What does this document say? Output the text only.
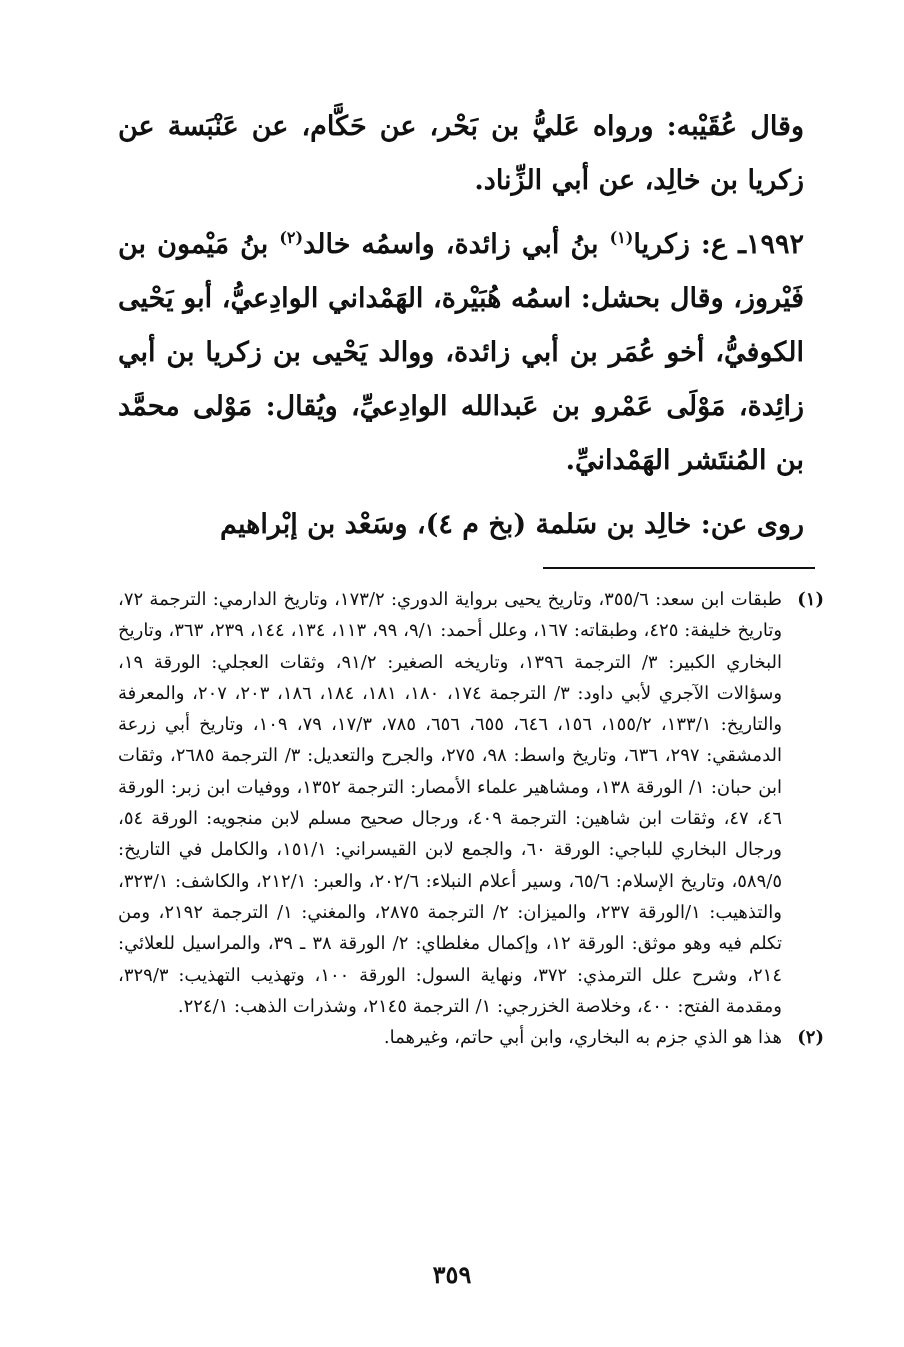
وقال عُقَيْبه: ورواه عَليُّ بن بَحْر، عن حَكَّام، عن عَنْبَسة عن زكريا بن خالِد، عن أبي الزِّناد.

١٩٩٢ـ ع: زكريا$^{(١)}$ بنُ أبي زائدة، واسمُه خالد$^{(٢)}$ بنُ مَيْمون بن فَيْروز، وقال بحشل: اسمُه هُبَيْرة، الهَمْداني الوادِعيُّ، أبو يَحْيى الكوفيُّ، أخو عُمَر بن أبي زائدة، ووالد يَحْيى بن زكريا بن أبي زائِدة، مَوْلَى عَمْرو بن عَبدالله الوادِعيِّ، ويُقال: مَوْلى محمَّد بن المُنتَشر الهَمْدانيِّ.

روى عن: خالِد بن سَلمة (بخ م ٤)، وسَعْد بن إبْراهيم

(١)
طبقات ابن سعد: ٣٥٥/٦، وتاريخ يحيى برواية الدوري: ١٧٣/٢، وتاريخ الدارمي: الترجمة ٧٢، وتاريخ خليفة: ٤٢٥، وطبقاته: ١٦٧، وعلل أحمد: ٩/١، ٩٩، ١١٣، ١٣٤، ١٤٤، ٢٣٩، ٣٦٣، وتاريخ البخاري الكبير: ٣/ الترجمة ١٣٩٦، وتاريخه الصغير: ٩١/٢، وثقات العجلي: الورقة ١٩، وسؤالات الآجري لأبي داود: ٣/ الترجمة ١٧٤، ١٨٠، ١٨١، ١٨٤، ١٨٦، ٢٠٣، ٢٠٧، والمعرفة والتاريخ: ١٣٣/١، ١٥٥/٢، ١٥٦، ٦٤٦، ٦٥٥، ٦٥٦، ٧٨٥، ١٧/٣، ٧٩، ١٠٩، وتاريخ أبي زرعة الدمشقي: ٢٩٧، ٦٣٦، وتاريخ واسط: ٩٨، ٢٧٥، والجرح والتعديل: ٣/ الترجمة ٢٦٨٥، وثقات ابن حبان: ١/ الورقة ١٣٨، ومشاهير علماء الأمصار: الترجمة ١٣٥٢، ووفيات ابن زبر: الورقة ٤٦، ٤٧، وثقات ابن شاهين: الترجمة ٤٠٩، ورجال صحيح مسلم لابن منجويه: الورقة ٥٤، ورجال البخاري للباجي: الورقة ٦٠، والجمع لابن القيسراني: ١٥١/١، والكامل في التاريخ: ٥٨٩/٥، وتاريخ الإسلام: ٦٥/٦، وسير أعلام النبلاء: ٢٠٢/٦، والعبر: ٢١٢/١، والكاشف: ٣٢٣/١، والتذهيب: ١/الورقة ٢٣٧، والميزان: ٢/ الترجمة ٢٨٧٥، والمغني: ١/ الترجمة ٢١٩٢، ومن تكلم فيه وهو موثق: الورقة ١٢، وإكمال مغلطاي: ٢/ الورقة ٣٨ ـ ٣٩، والمراسيل للعلائي: ٢١٤، وشرح علل الترمذي: ٣٧٢، ونهاية السول: الورقة ١٠٠، وتهذيب التهذيب: ٣٢٩/٣، ومقدمة الفتح: ٤٠٠، وخلاصة الخزرجي: ١/ الترجمة ٢١٤٥، وشذرات الذهب: ٢٢٤/١.
(٢)
هذا هو الذي جزم به البخاري، وابن أبي حاتم، وغيرهما.
٣٥٩
